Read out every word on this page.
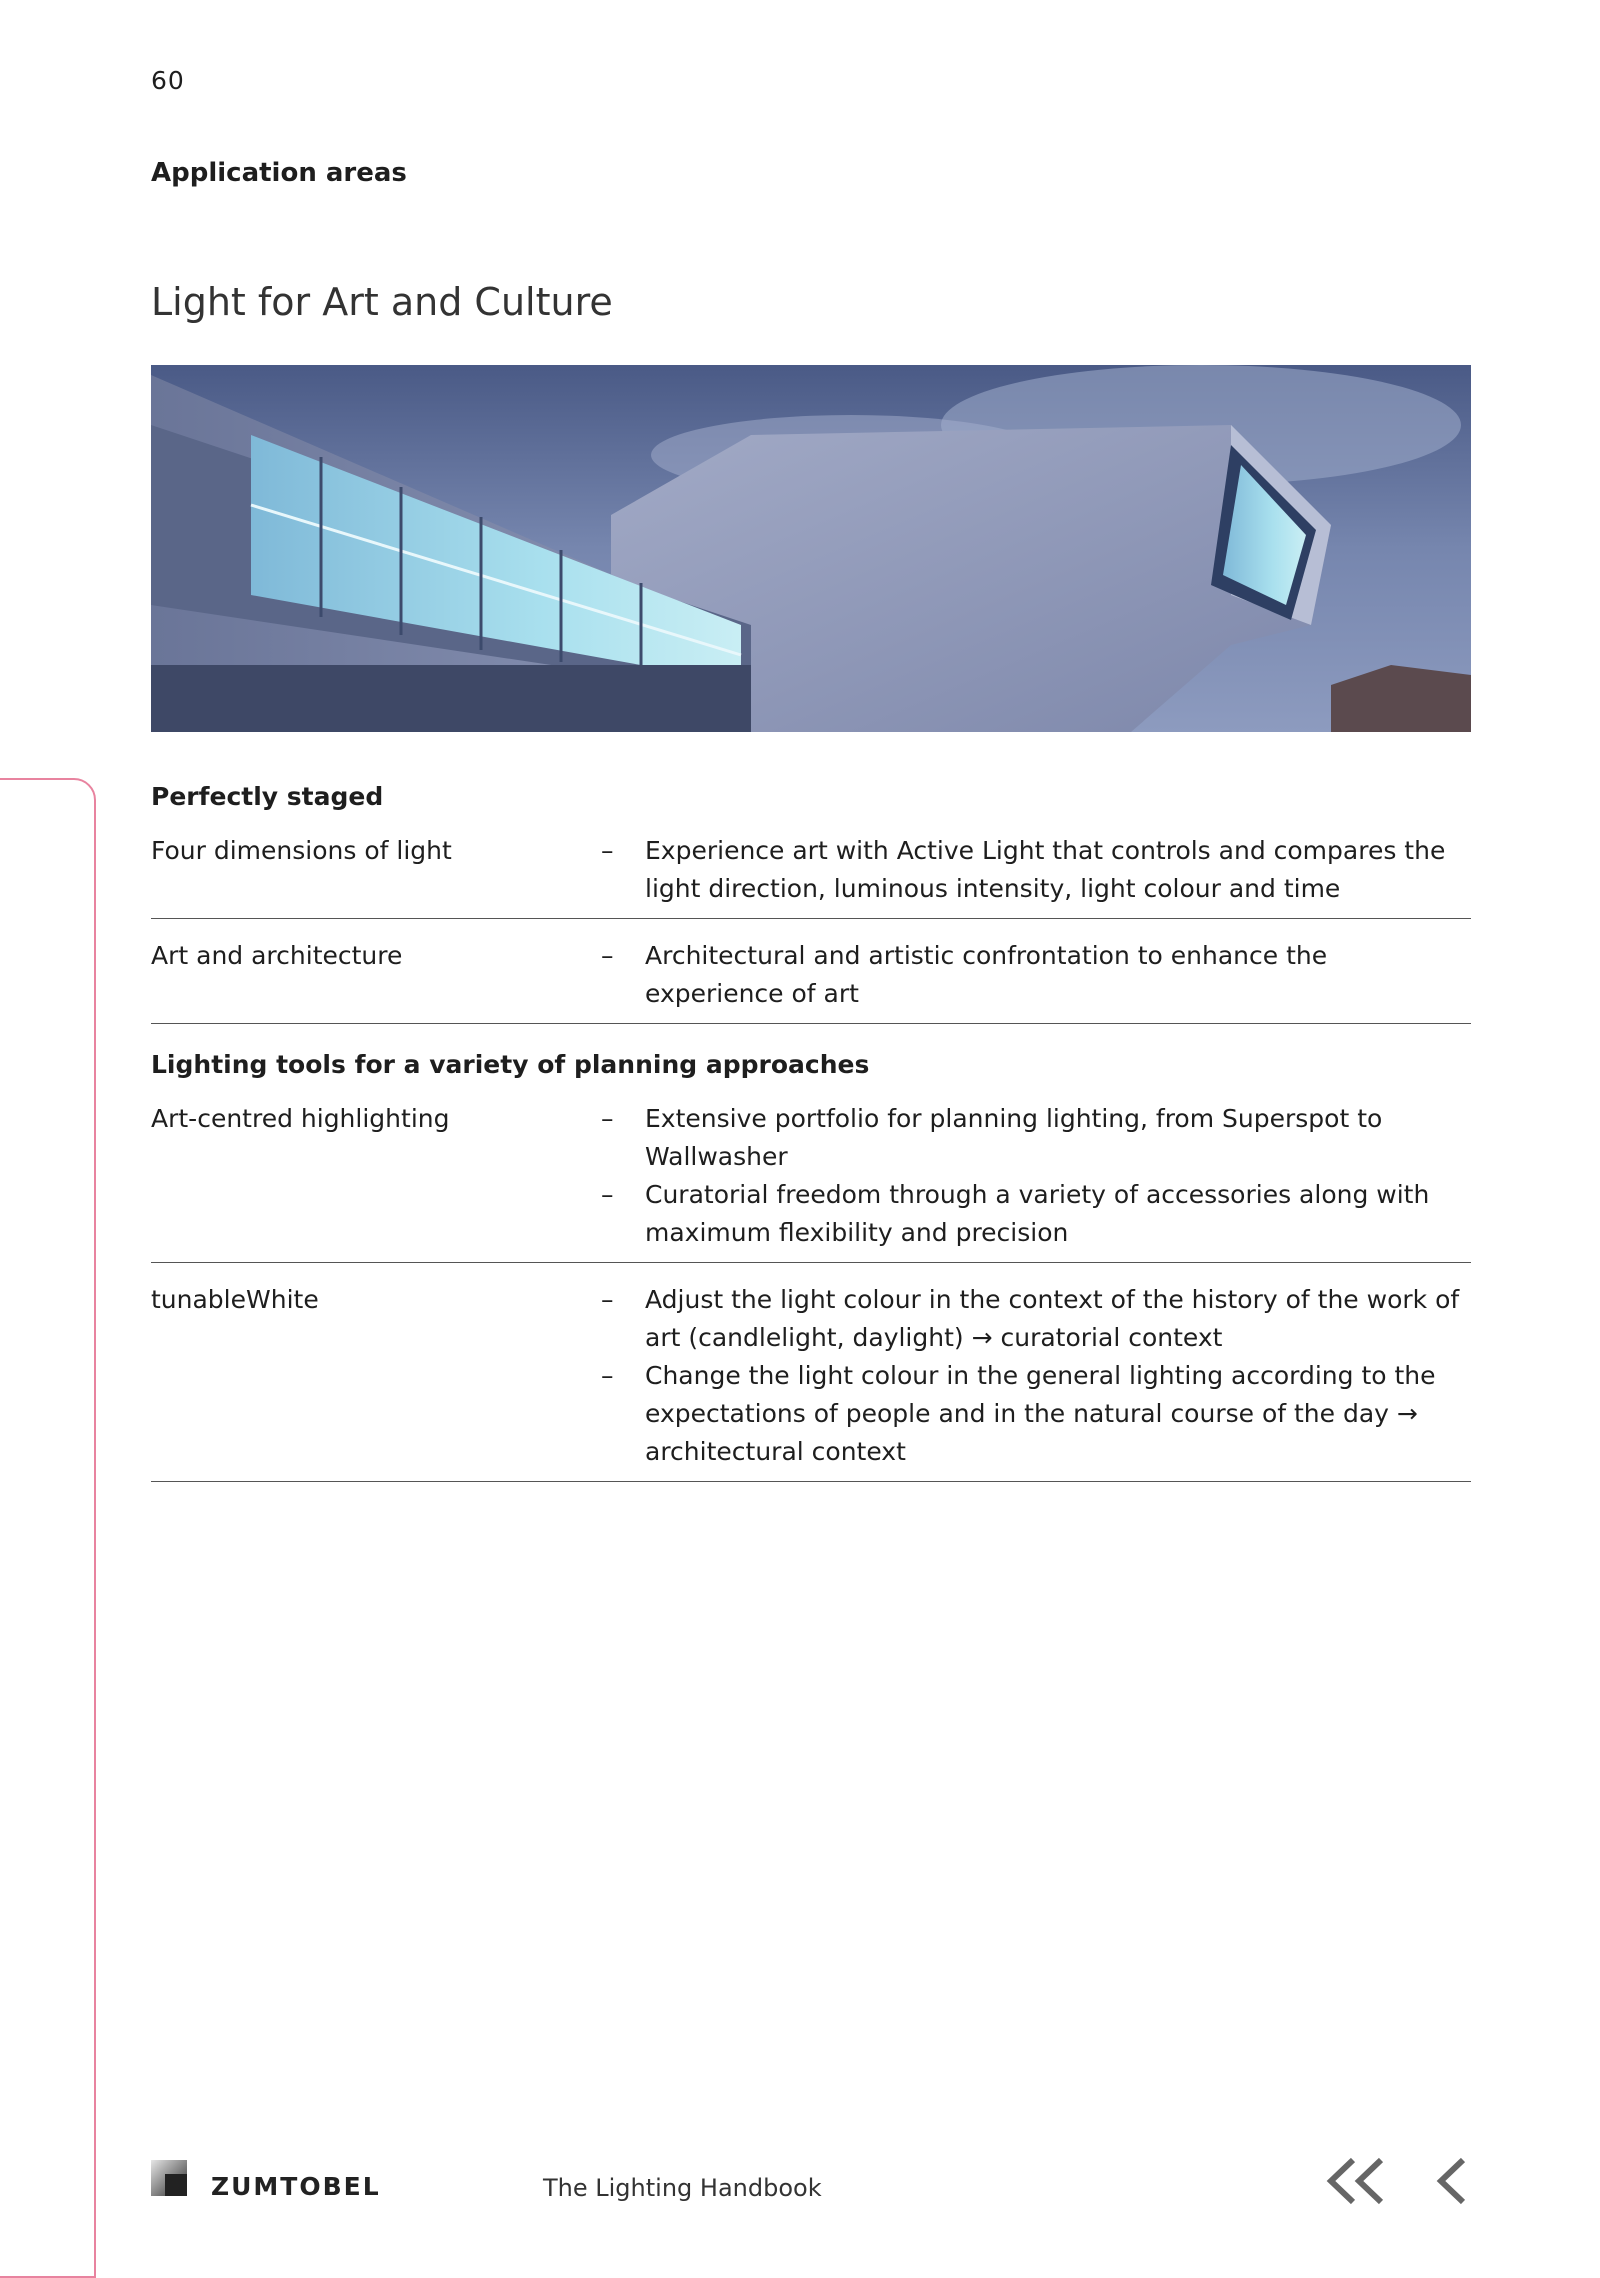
60
Application areas
Light for Art and Culture
Perfectly staged
Four dimensions of light	–	Experience art with Active Light that controls and compares the light direction, luminous intensity, light colour and time
Art and architecture	–	Architectural and artistic confrontation to enhance the experience of art
Lighting tools for a variety of planning approaches
Art-centred highlighting	–	Extensive portfolio for planning lighting, from Superspot to Wallwasher
–	Curatorial freedom through a variety of accessories along with maximum flexibility and precision
tunableWhite	–	Adjust the light colour in the context of the history of the work of art (candlelight, daylight) → curatorial context
–	Change the light colour in the general lighting according to the expectations of people and in the natural course of the day → architectural context
ZUMTOBEL	The Lighting Handbook
